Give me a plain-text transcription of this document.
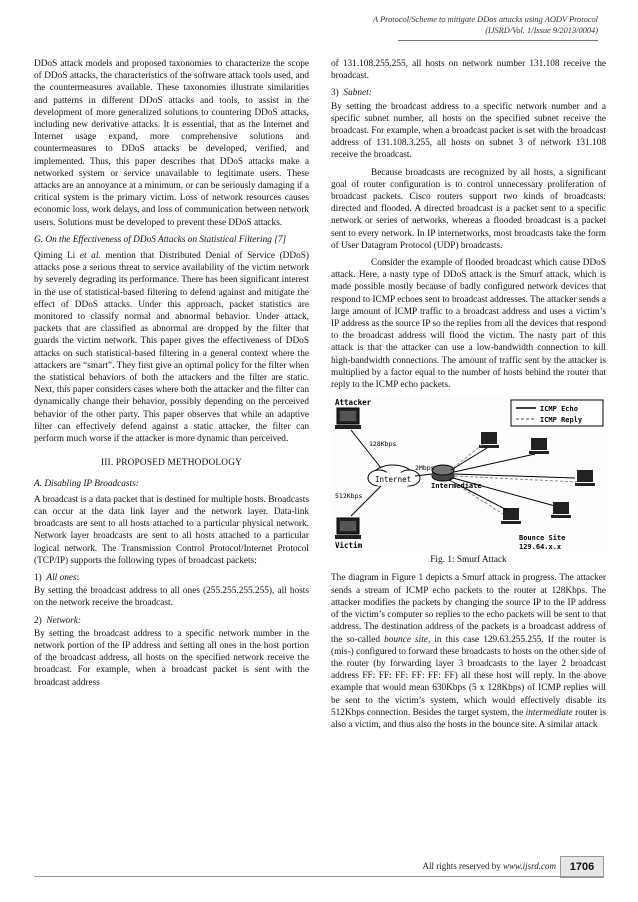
A Protocol/Scheme to mitigate DDos attacks using AODV Protocol
(IJSRD/Vol. 1/Issue 9/2013/0004)

DDoS attack models and proposed taxonomies to characterize the scope of DDoS attacks, the characteristics of the software attack tools used, and the countermeasures available. These taxonomies illustrate similarities and patterns in different DDoS attacks and tools, to assist in the development of more generalized solutions to countering DDoS attacks, including new derivative attacks. It is essential, that as the Internet and Internet usage expand, more comprehensive solutions and countermeasures to DDoS attacks be developed, verified, and implemented. Thus, this paper describes that DDoS attacks make a networked system or service unavailable to legitimate users. These attacks are an annoyance at a minimum, or can be seriously damaging if a critical system is the primary victim. Loss of network resources causes economic loss, work delays, and loss of communication between network users. Solutions must be developed to prevent these DDoS attacks.

G. On the Effectiveness of DDoS Attacks on Statistical Filtering [7]

Qiming Li et al. mention that Distributed Denial of Service (DDoS) attacks pose a serious threat to service availability of the victim network by severely degrading its performance. There has been significant interest in the use of statistical-based filtering to defend against and mitigate the effect of DDoS attacks. Under this approach, packet statistics are monitored to classify normal and abnormal behavior. Under attack, packets that are classified as abnormal are dropped by the filter that guards the victim network. This paper gives the effectiveness of DDoS attacks on such statistical-based filtering in a general context where the attackers are “smart”. They first give an optimal policy for the filter when the statistical behaviors of both the attackers and the filter are static. Next, this paper considers cases where both the attacker and the filter can dynamically change their behavior, possibly depending on the perceived behavior of the other party. This paper observes that while an adaptive filter can effectively defend against a static attacker, the filter can perform much worse if the attacker is more dynamic than perceived.

III. PROPOSED METHODOLOGY
A. Disabling IP Broadcasts:

A broadcast is a data packet that is destined for multiple hosts. Broadcasts can occur at the data link layer and the network layer. Data-link broadcasts are sent to all hosts attached to a particular physical network. Network layer broadcasts are sent to all hosts attached to a particular logical network. The Transmission Control Protocol/Internet Protocol (TCP/IP) supports the following types of broadcast packets:

1) All ones:

By setting the broadcast address to all ones (255.255.255.255), all hosts on the network receive the broadcast.

2) Network:

By setting the broadcast address to a specific network number in the network portion of the IP address and setting all ones in the host portion of the broadcast address, all hosts on the specified network receive the broadcast. For example, when a broadcast packet is sent with the broadcast address

of 131.108.255.255, all hosts on network number 131.108 receive the broadcast.

3) Subnet:

By setting the broadcast address to a specific network number and a specific subnet number, all hosts on the specified subnet receive the broadcast. For example, when a broadcast packet is set with the broadcast address of 131.108.3.255, all hosts on subnet 3 of network 131.108 receive the broadcast.

Because broadcasts are recognized by all hosts, a significant goal of router configuration is to control unnecessary proliferation of broadcast packets. Cisco routers support two kinds of broadcasts: directed and flooded. A directed broadcast is a packet sent to a specific network or series of networks, whereas a flooded broadcast is a packet sent to every network. In IP internetworks, most broadcasts take the form of User Datagram Protocol (UDP) broadcasts.

Consider the example of flooded broadcast which cause DDoS attack. Here, a nasty type of DDoS attack is the Smurf attack, which is made possible mostly because of badly configured network devices that respond to ICMP echoes sent to broadcast addresses. The attacker sends a large amount of ICMP traffic to a broadcast address and uses a victim’s IP address as the source IP so the replies from all the devices that respond to the broadcast address will flood the victim. The nasty part of this attack is that the attacker can use a low-bandwidth connection to kill high-bandwidth connections. The amount of traffic sent by the attacker is multiplied by a factor equal to the number of hosts behind the router that reply to the ICMP echo packets.

Attacker
Victim
Internet
128Kbps
512Kbps
2Mbps
Intermediate
ICMP Echo
ICMP Reply
Bounce Site
129.64.x.x
Fig. 1: Smurf Attack

The diagram in Figure 1 depicts a Smurf attack in progress. The attacker sends a stream of ICMP echo packets to the router at 128Kbps. The attacker modifies the packets by changing the source IP to the IP address of the victim’s computer so replies to the echo packets will be sent to that address. The destination address of the packets is a broadcast address of the so-called bounce site, in this case 129.63.255.255. If the router is (mis-) configured to forward these broadcasts to hosts on the other side of the router (by forwarding layer 3 broadcasts to the layer 2 broadcast address FF: FF: FF: FF: FF: FF) all these host will reply. In the above example that would mean 630Kbps (5 x 128Kbps) of ICMP replies will be sent to the victim’s system, which would effectively disable its 512Kbps connection. Besides the target system, the intermediate router is also a victim, and thus also the hosts in the bounce site. A similar attack

All rights reserved by www.ijsrd.com	1706
